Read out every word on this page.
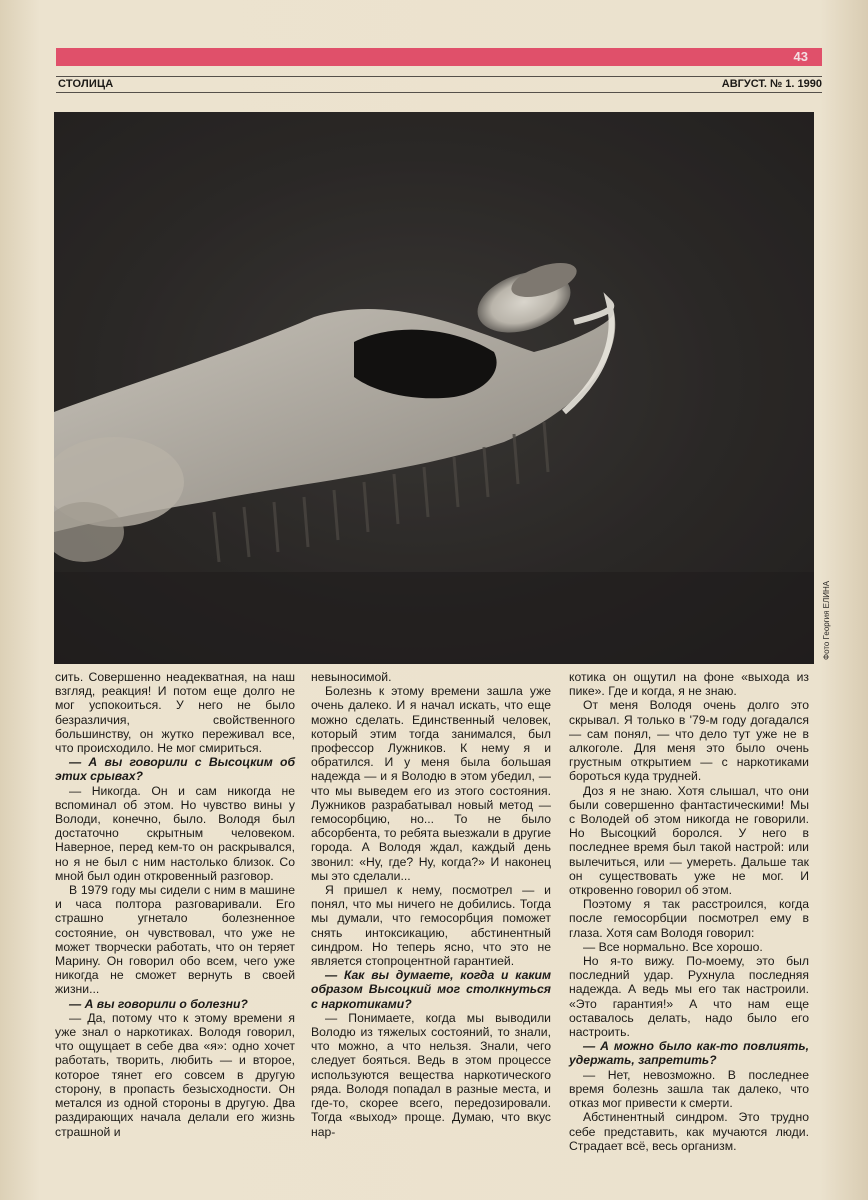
43
СТОЛИЦА	АВГУСТ. № 1. 1990
Фото Георгия ЕЛИНА

сить. Совершенно неадекватная, на наш взгляд, реакция! И потом еще долго не мог успокоиться. У него не было безразличия, свойственного большинству, он жутко переживал все, что происходило. Не мог смириться.

— А вы говорили с Высоцким об этих срывах?

— Никогда. Он и сам никогда не вспоминал об этом. Но чувство вины у Володи, конечно, было. Володя был достаточно скрытным человеком. Наверное, перед кем-то он раскрывался, но я не был с ним настолько близок. Со мной был один откровенный разговор.

В 1979 году мы сидели с ним в машине и часа полтора разговаривали. Его страшно угнетало болезненное состояние, он чувствовал, что уже не может творчески работать, что он теряет Марину. Он говорил обо всем, чего уже никогда не сможет вернуть в своей жизни...

— А вы говорили о болезни?

— Да, потому что к этому времени я уже знал о наркотиках. Володя говорил, что ощущает в себе два «я»: одно хочет работать, творить, любить — и второе, которое тянет его совсем в другую сторону, в пропасть безысходности. Он метался из одной стороны в другую. Два раздирающих начала делали его жизнь страшной и

невыносимой.

Болезнь к этому времени зашла уже очень далеко. И я начал искать, что еще можно сделать. Единственный человек, который этим тогда занимался, был профессор Лужников. К нему я и обратился. И у меня была большая надежда — и я Володю в этом убедил, — что мы выведем его из этого состояния. Лужников разрабатывал новый метод — гемосорбцию, но... То не было абсорбента, то ребята выезжали в другие города. А Володя ждал, каждый день звонил: «Ну, где? Ну, когда?» И наконец мы это сделали...

Я пришел к нему, посмотрел — и понял, что мы ничего не добились. Тогда мы думали, что гемосорбция поможет снять интоксикацию, абстинентный синдром. Но теперь ясно, что это не является стопроцентной гарантией.

— Как вы думаете, когда и каким образом Высоцкий мог столкнуться с наркотиками?

— Понимаете, когда мы выводили Володю из тяжелых состояний, то знали, что можно, а что нельзя. Знали, чего следует бояться. Ведь в этом процессе используются вещества наркотического ряда. Володя попадал в разные места, и где-то, скорее всего, передозировали. Тогда «выход» проще. Думаю, что вкус нар-

котика он ощутил на фоне «выхода из пике». Где и когда, я не знаю.

От меня Володя очень долго это скрывал. Я только в '79-м году догадался — сам понял, — что дело тут уже не в алкоголе. Для меня это было очень грустным открытием — с наркотиками бороться куда трудней.

Доз я не знаю. Хотя слышал, что они были совершенно фантастическими! Мы с Володей об этом никогда не говорили. Но Высоцкий боролся. У него в последнее время был такой настрой: или вылечиться, или — умереть. Дальше так он существовать уже не мог. И откровенно говорил об этом.

Поэтому я так расстроился, когда после гемосорбции посмотрел ему в глаза. Хотя сам Володя говорил:

— Все нормально. Все хорошо.

Но я-то вижу. По-моему, это был последний удар. Рухнула последняя надежда. А ведь мы его так настроили. «Это гарантия!» А что нам еще оставалось делать, надо было его настроить.

— А можно было как-то повлиять, удержать, запретить?

— Нет, невозможно. В последнее время болезнь зашла так далеко, что отказ мог привести к смерти.

Абстинентный синдром. Это трудно себе представить, как мучаются люди. Страдает всё, весь организм.
